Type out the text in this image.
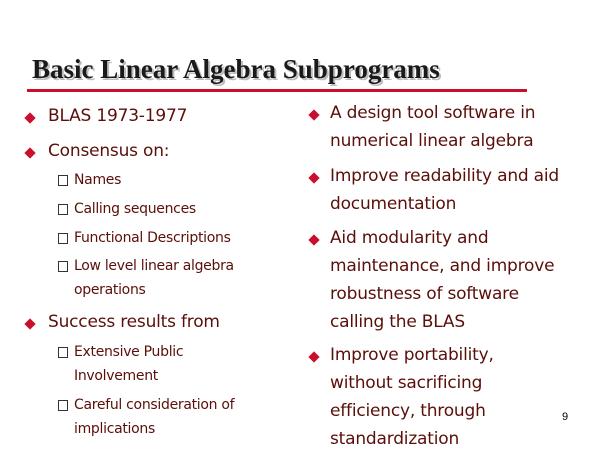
Basic Linear Algebra Subprograms
BLAS 1973-1977
Consensus on:
Names
Calling sequences
Functional Descriptions
Low level linear algebra
operations
Success results from
Extensive Public
Involvement
Careful consideration of
implications
A design tool software in
numerical linear algebra
Improve readability and aid
documentation
Aid modularity and
maintenance, and improve
robustness of software
calling the BLAS
Improve portability,
without sacrificing
efficiency, through
standardization
9
